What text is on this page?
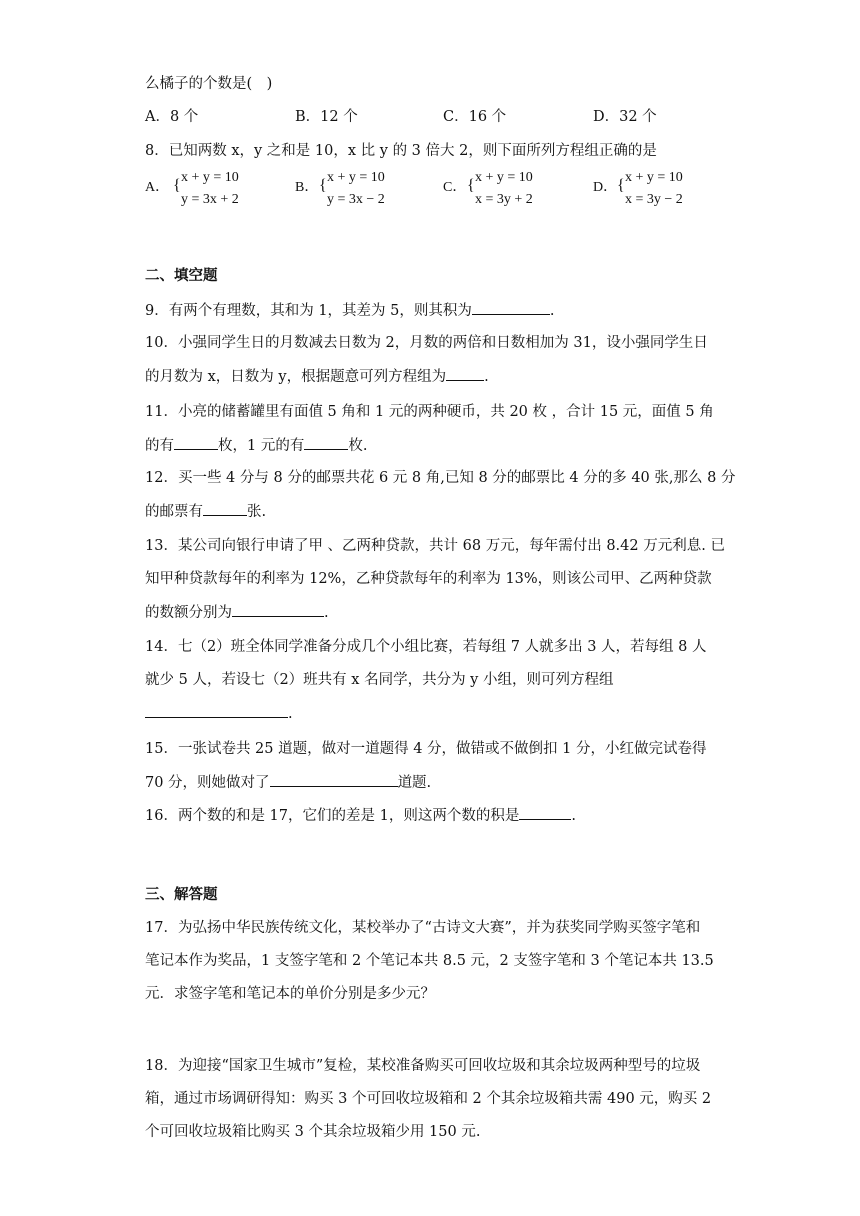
么橘子的个数是(　)
A．8 个	B．12 个	C．16 个	D．32 个
8．已知两数 x，y 之和是 10，x 比 y 的 3 倍大 2，则下面所列方程组正确的是
A． { x + y = 10
y = 3x + 2
B． { x + y = 10
y = 3x − 2
C． { x + y = 10
x = 3y + 2
D． { x + y = 10
x = 3y − 2
二、填空题
9．有两个有理数，其和为 1，其差为 5，则其积为	.
10．小强同学生日的月数减去日数为 2，月数的两倍和日数相加为 31，设小强同学生日
的月数为 x，日数为 y，根据题意可列方程组为	.
11．小亮的储蓄罐里有面值 5 角和 1 元的两种硬币，共 20 枚 ，合计 15 元，面值 5 角
的有	枚，1 元的有	枚.
12．买一些 4 分与 8 分的邮票共花 6 元 8 角,已知 8 分的邮票比 4 分的多 40 张,那么 8 分
的邮票有	张.
13．某公司向银行申请了甲 、乙两种贷款，共计 68 万元，每年需付出 8.42 万元利息. 已
知甲种贷款每年的利率为 12%，乙种贷款每年的利率为 13%，则该公司甲、乙两种贷款
的数额分别为	.
14．七（2）班全体同学准备分成几个小组比赛，若每组 7 人就多出 3 人，若每组 8 人
就少 5 人，若设七（2）班共有 x 名同学，共分为 y 小组，则可列方程组
.
15．一张试卷共 25 道题，做对一道题得 4 分，做错或不做倒扣 1 分，小红做完试卷得
70 分，则她做对了	道题.
16．两个数的和是 17，它们的差是 1，则这两个数的积是	.
三、解答题
17．为弘扬中华民族传统文化，某校举办了“古诗文大赛”，并为获奖同学购买签字笔和
笔记本作为奖品，1 支签字笔和 2 个笔记本共 8.5 元，2 支签字笔和 3 个笔记本共 13.5
元．求签字笔和笔记本的单价分别是多少元？
18．为迎接“国家卫生城市”复检，某校准备购买可回收垃圾和其余垃圾两种型号的垃圾
箱，通过市场调研得知：购买 3 个可回收垃圾箱和 2 个其余垃圾箱共需 490 元，购买 2
个可回收垃圾箱比购买 3 个其余垃圾箱少用 150 元.
